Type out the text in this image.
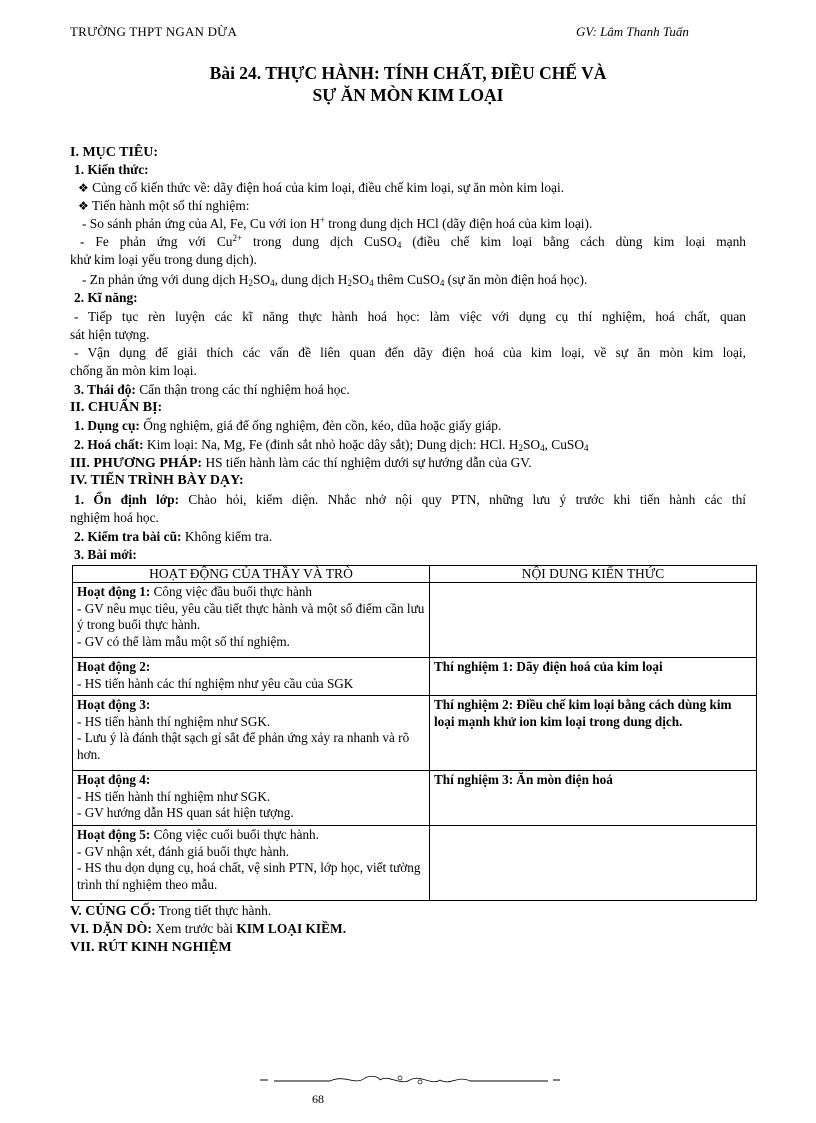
TRƯỜNG THPT NGAN DỪA	GV: Lâm Thanh Tuấn
Bài 24. THỰC HÀNH: TÍNH CHẤT, ĐIỀU CHẾ VÀ
SỰ ĂN MÒN KIM LOẠI
I. MỤC TIÊU:
1. Kiến thức:
❖ Củng cố kiến thức về: dãy điện hoá của kim loại, điều chế kim loại, sự ăn mòn kim loại.
❖ Tiến hành một số thí nghiệm:
- So sánh phản ứng của Al, Fe, Cu với ion H+ trong dung dịch HCl (dãy điện hoá của kim loại).
- Fe phản ứng với $Cu^{2+}$ trong dung dịch CuSO$_4$ (điều chế kim loại bằng cách dùng kim loại mạnh
khử kim loại yếu trong dung dịch).
- Zn phản ứng với dung dịch $H_2SO_4$, dung dịch $H_2SO_4$ thêm CuSO$_4$ (sự ăn mòn điện hoá học).
2. Kĩ năng:
- Tiếp tục rèn luyện các kĩ năng thực hành hoá học: làm việc với dụng cụ thí nghiệm, hoá chất, quan
sát hiện tượng.
- Vận dụng để giải thích các vấn đề liên quan đến dãy điện hoá của kim loại, về sự ăn mòn kim loại,
chống ăn mòn kim loại.
3. Thái độ: Cẩn thận trong các thí nghiệm hoá học.
II. CHUẨN BỊ:
1. Dụng cụ: Ống nghiệm, giá để ống nghiệm, đèn cồn, kéo, dũa hoặc giấy giáp.
2. Hoá chất: Kim loại: Na, Mg, Fe (đinh sắt nhỏ hoặc dây sắt); Dung dịch: HCl. $H_2SO_4$, CuSO$_4$
III. PHƯƠNG PHÁP: HS tiến hành làm các thí nghiệm dưới sự hướng dẫn của GV.
IV. TIẾN TRÌNH BÀY DẠY:
1. Ổn định lớp: Chào hỏi, kiểm diện. Nhắc nhở nội quy PTN, những lưu ý trước khi tiến hành các thí
nghiệm hoá học.
2. Kiểm tra bài cũ: Không kiểm tra.
3. Bài mới:
HOẠT ĐỘNG CỦA THẦY VÀ TRÒ	NỘI DUNG KIẾN THỨC
Hoạt động 1: Công việc đầu buổi thực hành
- GV nêu mục tiêu, yêu cầu tiết thực hành và một số điểm cần lưu ý trong buổi thực hành.
- GV có thể làm mẫu một số thí nghiệm.	
Hoạt động 2:
- HS tiến hành các thí nghiệm như yêu cầu của SGK	Thí nghiệm 1: Dãy điện hoá của kim loại
Hoạt động 3:
- HS tiến hành thí nghiệm như SGK.
- Lưu ý là đánh thật sạch gỉ sắt để phản ứng xảy ra nhanh và rõ hơn.	Thí nghiệm 2: Điều chế kim loại bằng cách dùng kim loại mạnh khử ion kim loại trong dung dịch.
Hoạt động 4:
- HS tiến hành thí nghiệm như SGK.
- GV hướng dẫn HS quan sát hiện tượng.	Thí nghiệm 3: Ăn mòn điện hoá
Hoạt động 5: Công việc cuối buổi thực hành.
- GV nhận xét, đánh giá buổi thực hành.
- HS thu dọn dụng cụ, hoá chất, vệ sinh PTN, lớp học, viết tường trình thí nghiệm theo mẫu.	
V. CỦNG CỐ: Trong tiết thực hành.
VI. DẶN DÒ: Xem trước bài KIM LOẠI KIỀM.
VII. RÚT KINH NGHIỆM
68
